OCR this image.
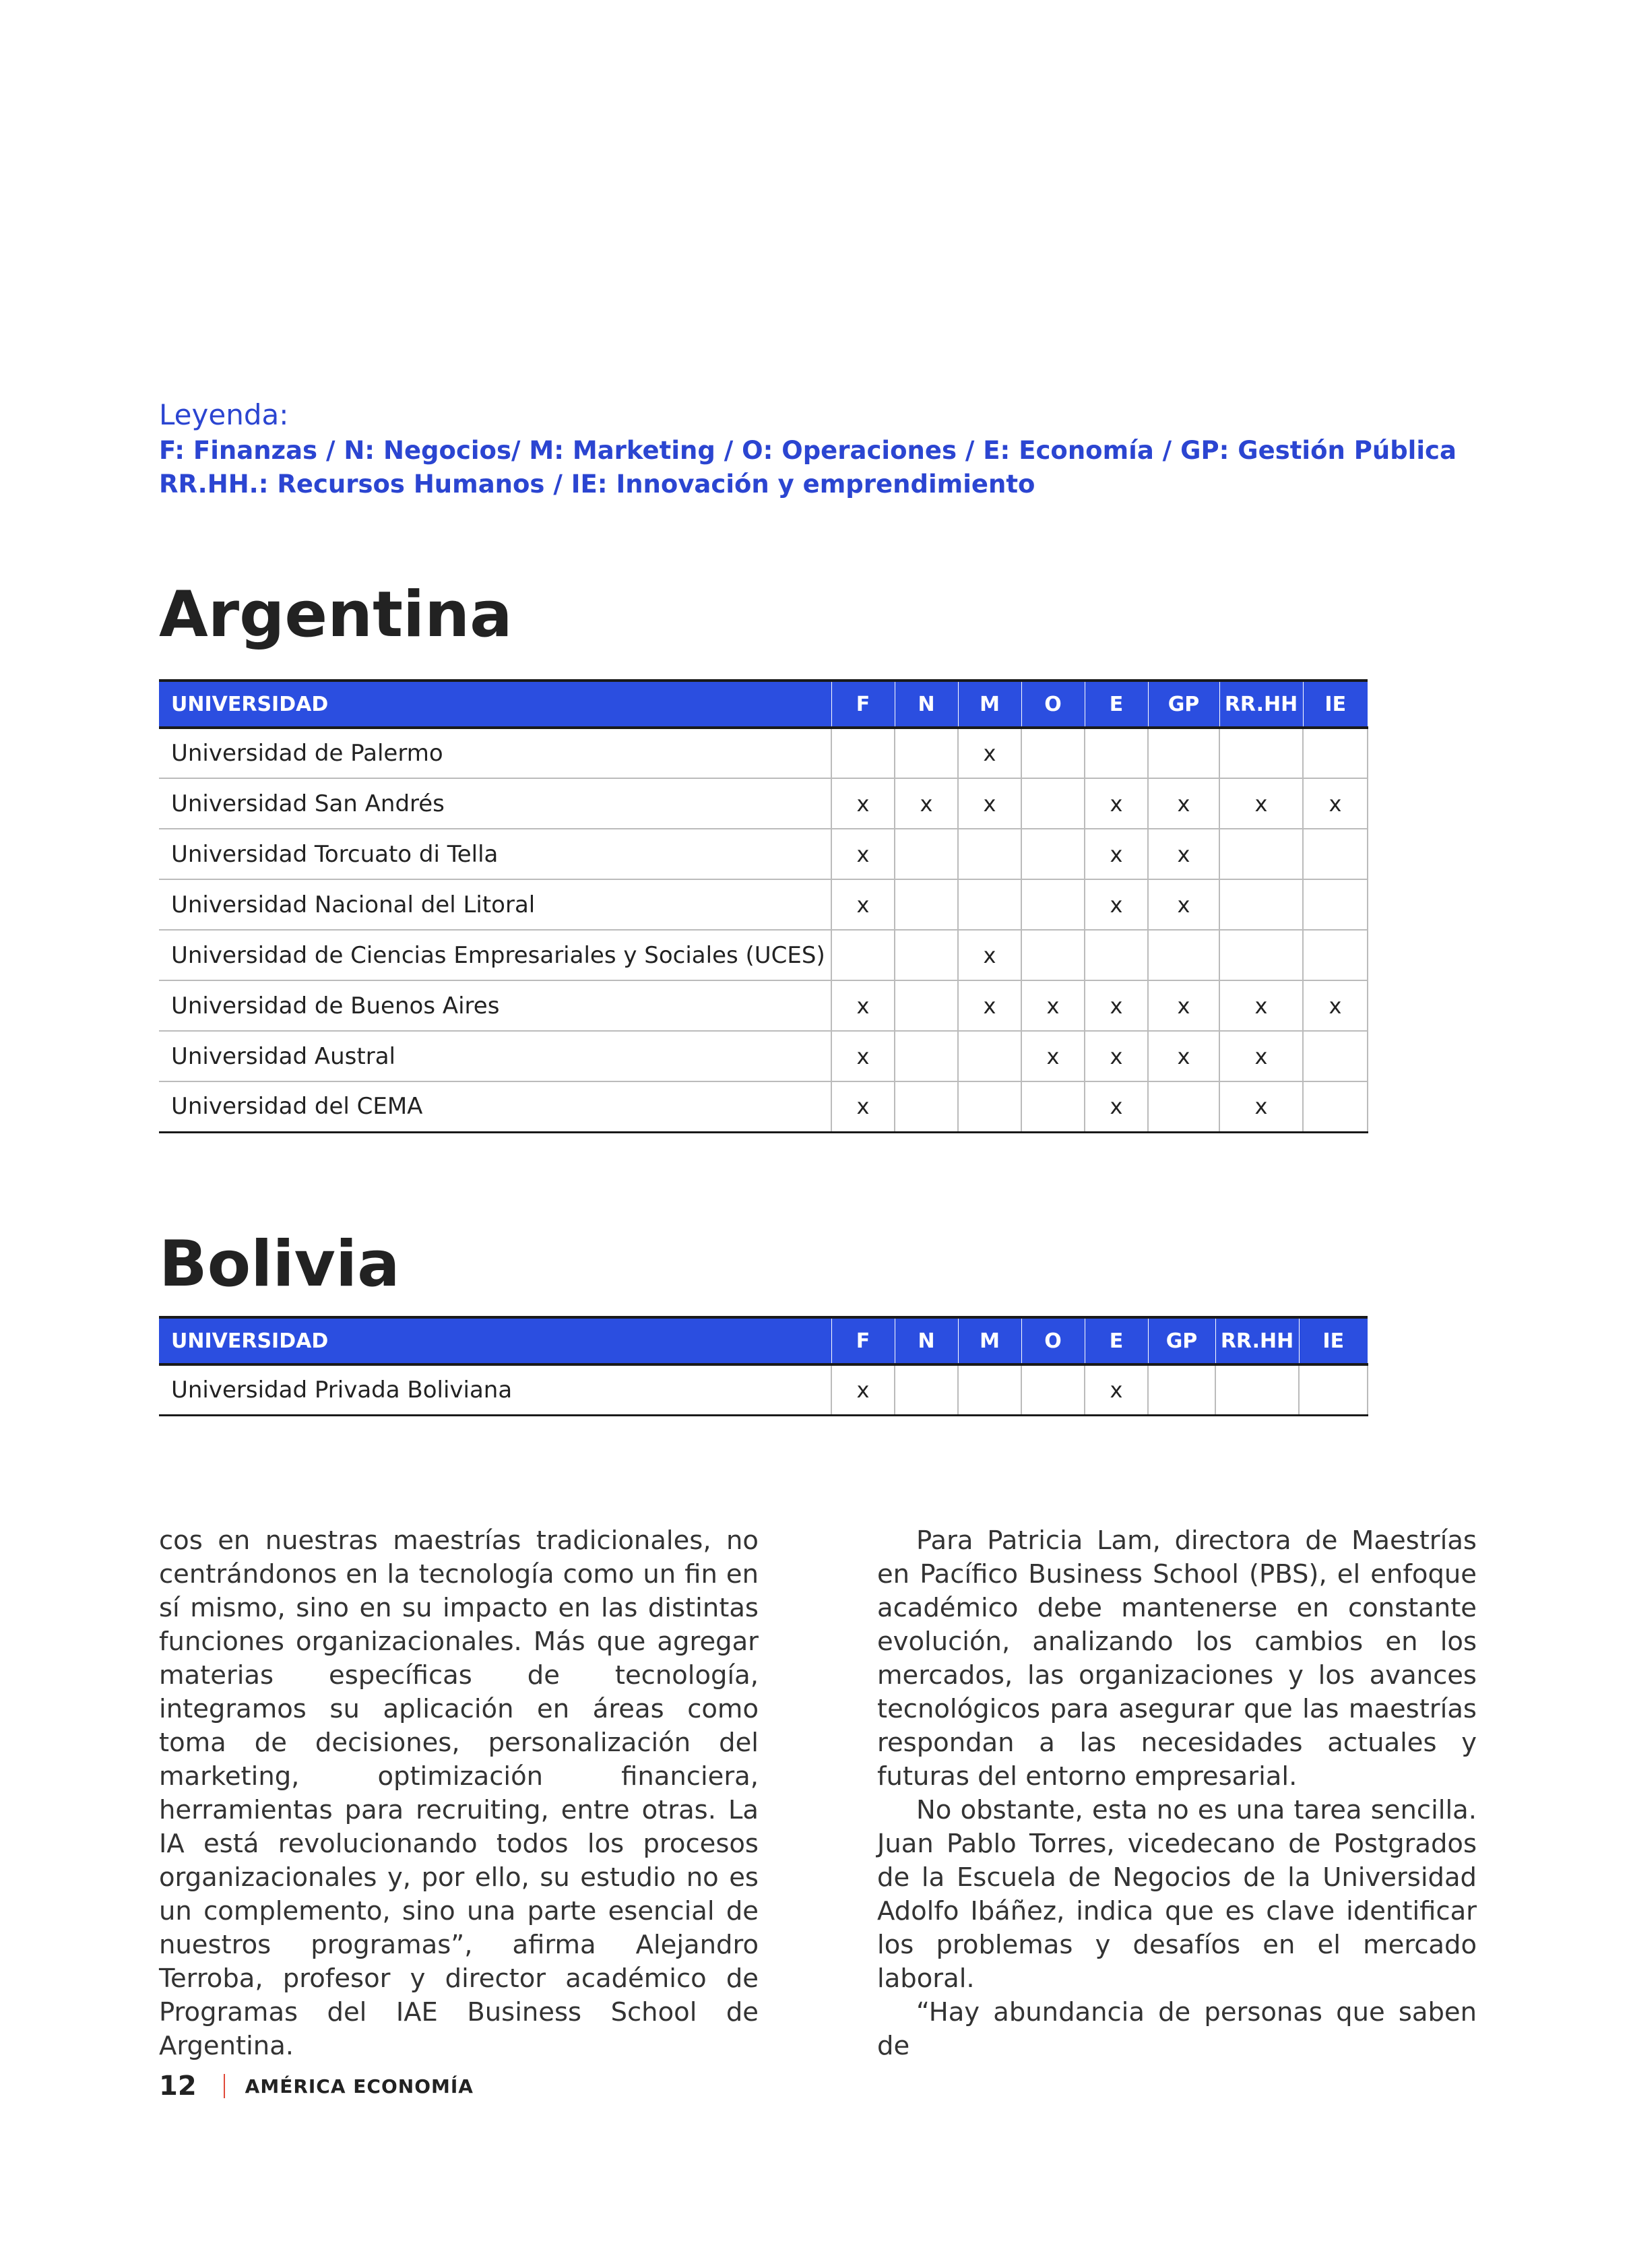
Leyenda:
F: Finanzas / N: Negocios/ M: Marketing / O: Operaciones / E: Economía / GP: Gestión Pública
RR.HH.: Recursos Humanos / IE: Innovación y emprendimiento
Argentina
UNIVERSIDAD	F	N	M	O	E	GP	RR.HH	IE
Universidad de Palermo			x					
Universidad San Andrés	x	x	x		x	x	x	x
Universidad Torcuato di Tella	x				x	x		
Universidad Nacional del Litoral	x				x	x		
Universidad de Ciencias Empresariales y Sociales (UCES)			x					
Universidad de Buenos Aires	x		x	x	x	x	x	x
Universidad Austral	x			x	x	x	x	
Universidad del CEMA	x				x		x	
Bolivia
UNIVERSIDAD	F	N	M	O	E	GP	RR.HH	IE
Universidad Privada Boliviana	x				x			

cos en nuestras maestrías tradicionales, no centrándonos en la tecnología como un fin en sí mismo, sino en su impacto en las distintas funciones organizacionales. Más que agregar materias específicas de tecnología, integramos su aplicación en áreas como toma de decisiones, personalización del marketing, optimización financiera, herramientas para recruiting, entre otras. La IA está revolucionando todos los procesos organizacionales y, por ello, su estudio no es un complemento, sino una parte esencial de nuestros programas”, afirma Alejandro Terroba, profesor y director académico de Programas del IAE Business School de Argentina.

Para Patricia Lam, directora de Maestrías en Pacífico Business School (PBS), el enfoque académico debe mantenerse en constante evolución, analizando los cambios en los mercados, las organizaciones y los avances tecnológicos para asegurar que las maestrías respondan a las necesidades actuales y futuras del entorno empresarial.

No obstante, esta no es una tarea sencilla. Juan Pablo Torres, vicedecano de Postgrados de la Escuela de Negocios de la Universidad Adolfo Ibáñez, indica que es clave identificar los problemas y desafíos en el mercado laboral.

“Hay abundancia de personas que saben de

12	AMÉRICA ECONOMÍA
